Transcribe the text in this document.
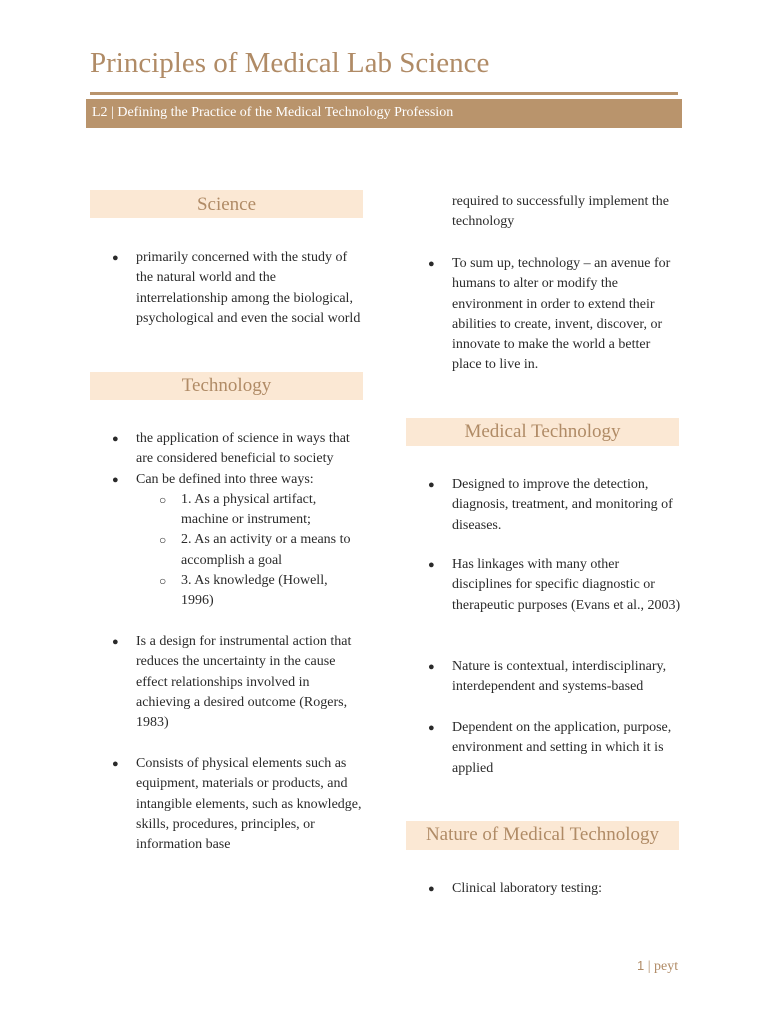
Principles of Medical Lab Science
L2 | Defining the Practice of the Medical Technology Profession
Science
● primarily concerned with the study of the natural world and the interrelationship among the biological, psychological and even the social world
Technology
● the application of science in ways that are considered beneficial to society
● Can be defined into three ways:
○ 1. As a physical artifact, machine or instrument;
○ 2. As an activity or a means to accomplish a goal
○ 3. As knowledge (Howell, 1996)
● Is a design for instrumental action that reduces the uncertainty in the cause effect relationships involved in achieving a desired outcome (Rogers, 1983)
● Consists of physical elements such as equipment, materials or products, and intangible elements, such as knowledge, skills, procedures, principles, or information base

required to successfully implement the technology

● To sum up, technology – an avenue for humans to alter or modify the environment in order to extend their abilities to create, invent, discover, or innovate to make the world a better place to live in.
Medical Technology
● Designed to improve the detection, diagnosis, treatment, and monitoring of diseases.
● Has linkages with many other disciplines for specific diagnostic or therapeutic purposes (Evans et al., 2003)
● Nature is contextual, interdisciplinary, interdependent and systems-based
● Dependent on the application, purpose, environment and setting in which it is applied
Nature of Medical Technology
● Clinical laboratory testing:
1 | peyt
